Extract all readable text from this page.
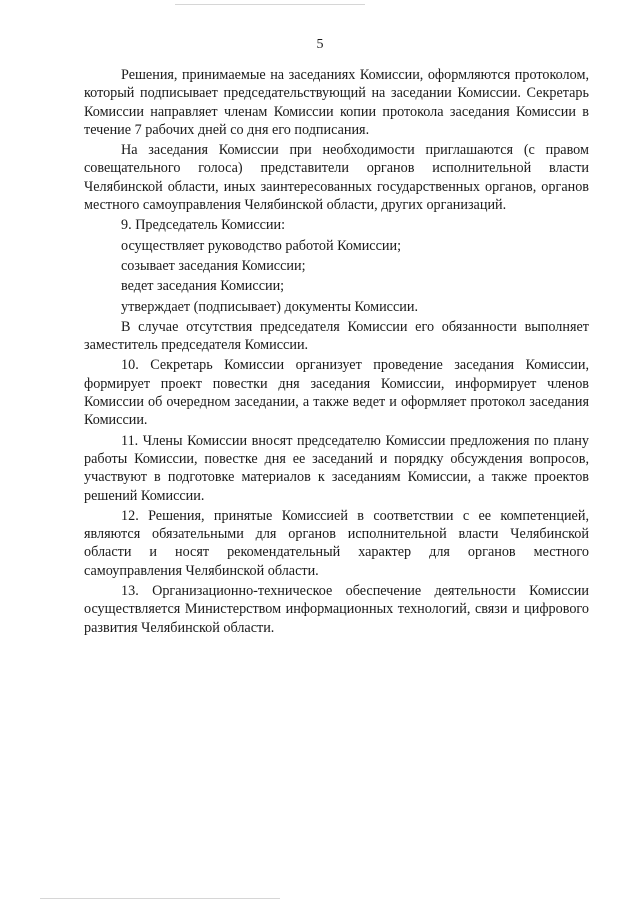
5

Решения, принимаемые на заседаниях Комиссии, оформляются протоколом, который подписывает председательствующий на заседании Комиссии. Секретарь Комиссии направляет членам Комиссии копии протокола заседания Комиссии в течение 7 рабочих дней со дня его подписания.

На заседания Комиссии при необходимости приглашаются (с правом совещательного голоса) представители органов исполнительной власти Челябинской области, иных заинтересованных государственных органов, органов местного самоуправления Челябинской области, других организаций.

9. Председатель Комиссии:

осуществляет руководство работой Комиссии;

созывает заседания Комиссии;

ведет заседания Комиссии;

утверждает (подписывает) документы Комиссии.

В случае отсутствия председателя Комиссии его обязанности выполняет заместитель председателя Комиссии.

10. Секретарь Комиссии организует проведение заседания Комиссии, формирует проект повестки дня заседания Комиссии, информирует членов Комиссии об очередном заседании, а также ведет и оформляет протокол заседания Комиссии.

11. Члены Комиссии вносят председателю Комиссии предложения по плану работы Комиссии, повестке дня ее заседаний и порядку обсуждения вопросов, участвуют в подготовке материалов к заседаниям Комиссии, а также проектов решений Комиссии.

12. Решения, принятые Комиссией в соответствии с ее компетенцией, являются обязательными для органов исполнительной власти Челябинской области и носят рекомендательный характер для органов местного самоуправления Челябинской области.

13. Организационно-техническое обеспечение деятельности Комиссии осуществляется Министерством информационных технологий, связи и цифрового развития Челябинской области.
